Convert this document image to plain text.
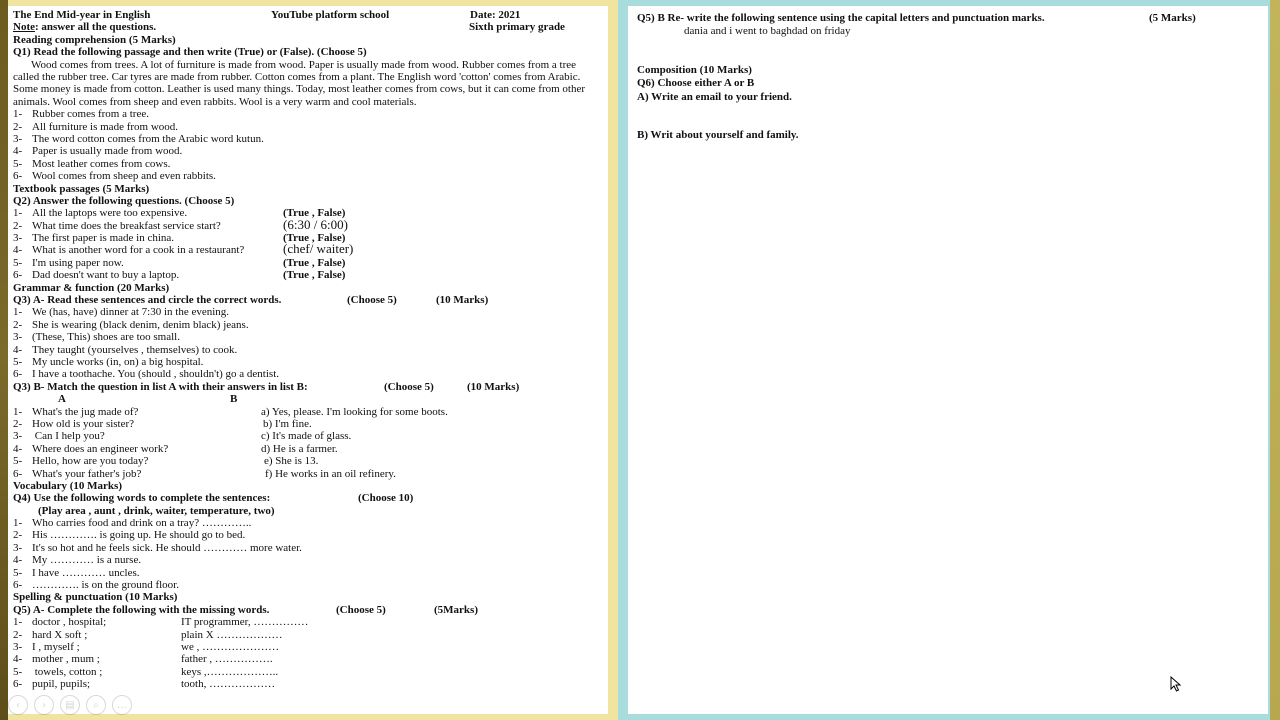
The End Mid-year in English	YouTube platform school	Date: 2021
Note: answer all the questions.	Sixth primary grade
Reading comprehension (5 Marks)
Q1) Read the following passage and then write (True) or (False). (Choose 5)
Wood comes from trees. A lot of furniture is made from wood. Paper is usually made from wood. Rubber comes from a tree called the rubber tree. Car tyres are made from rubber. Cotton comes from a plant. The English word 'cotton' comes from Arabic. Some money is made from cotton. Leather is used many things. Today, most leather comes from cows, but it can come from other animals. Wool comes from sheep and even rabbits. Wool is a very warm and cool materials.
1- Rubber comes from a tree.
2- All furniture is made from wood.
3- The word cotton comes from the Arabic word kutun.
4- Paper is usually made from wood.
5- Most leather comes from cows.
6- Wool comes from sheep and even rabbits.
Textbook passages (5 Marks)
Q2) Answer the following questions. (Choose 5)
1- All the laptops were too expensive.	(True , False)
2- What time does the breakfast service start?	(6:30 / 6:00)
3- The first paper is made in china.	(True , False)
4- What is another word for a cook in a restaurant?	(chef/ waiter)
5- I'm using paper now.	(True , False)
6- Dad doesn't want to buy a laptop.	(True , False)
Grammar & function (20 Marks)
Q3) A- Read these sentences and circle the correct words.	(Choose 5)	(10 Marks)
1- We (has, have) dinner at 7:30 in the evening.
2- She is wearing (black denim, denim black) jeans.
3- (These, This) shoes are too small.
4- They taught (yourselves , themselves) to cook.
5- My uncle works (in, on) a big hospital.
6- I have a toothache. You (should , shouldn't) go a dentist.
Q3) B- Match the question in list A with their answers in list B:	(Choose 5)	(10 Marks)
A	B
1- What's the jug made of?	a) Yes, please. I'm looking for some boots.
2- How old is your sister?	b) I'm fine.
3- Can I help you?	c) It's made of glass.
4- Where does an engineer work?	d) He is a farmer.
5- Hello, how are you today?	e) She is 13.
6- What's your father's job?	f) He works in an oil refinery.
Vocabulary (10 Marks)
Q4) Use the following words to complete the sentences:	(Choose 10)
(Play area , aunt , drink, waiter, temperature, two)
1- Who carries food and drink on a tray? …………..
2- His …………. is going up. He should go to bed.
3- It's so hot and he feels sick. He should ………… more water.
4- My ………… is a nurse.
5- I have ………… uncles.
6- …………. is on the ground floor.
Spelling & punctuation (10 Marks)
Q5) A- Complete the following with the missing words.	(Choose 5)	(5Marks)
1- doctor , hospital;	IT programmer, ……………
2- hard X soft ;	plain X ………………
3- I , myself ;	we , …………………
4- mother , mum ;	father , …………….
5- towels, cotton ;	keys ,………………..
6- pupil, pupils;	tooth, ………………
Q5) B Re- write the following sentence using the capital letters and punctuation marks.	(5 Marks)
dania and i went to baghdad on friday
Composition (10 Marks)
Q6) Choose either A or B
A) Write an email to your friend.
B) Writ about yourself and family.
‹	›	▤	⌕	…
